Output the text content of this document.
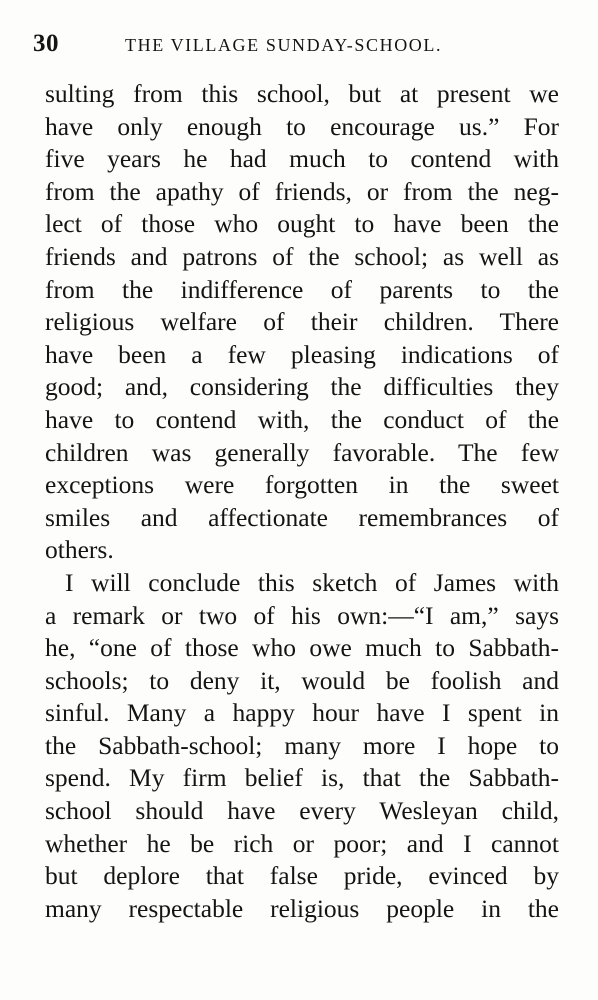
30	THE VILLAGE SUNDAY-SCHOOL.
sulting from this school, but at present we
have only enough to encourage us.” For
five years he had much to contend with
from the apathy of friends, or from the neg-
lect of those who ought to have been the
friends and patrons of the school; as well as
from the indifference of parents to the
religious welfare of their children. There
have been a few pleasing indications of
good; and, considering the difficulties they
have to contend with, the conduct of the
children was generally favorable. The few
exceptions were forgotten in the sweet
smiles and affectionate remembrances of
others.
I will conclude this sketch of James with
a remark or two of his own:—“I am,” says
he, “one of those who owe much to Sabbath-
schools; to deny it, would be foolish and
sinful. Many a happy hour have I spent in
the Sabbath-school; many more I hope to
spend. My firm belief is, that the Sabbath-
school should have every Wesleyan child,
whether he be rich or poor; and I cannot
but deplore that false pride, evinced by
many respectable religious people in the
